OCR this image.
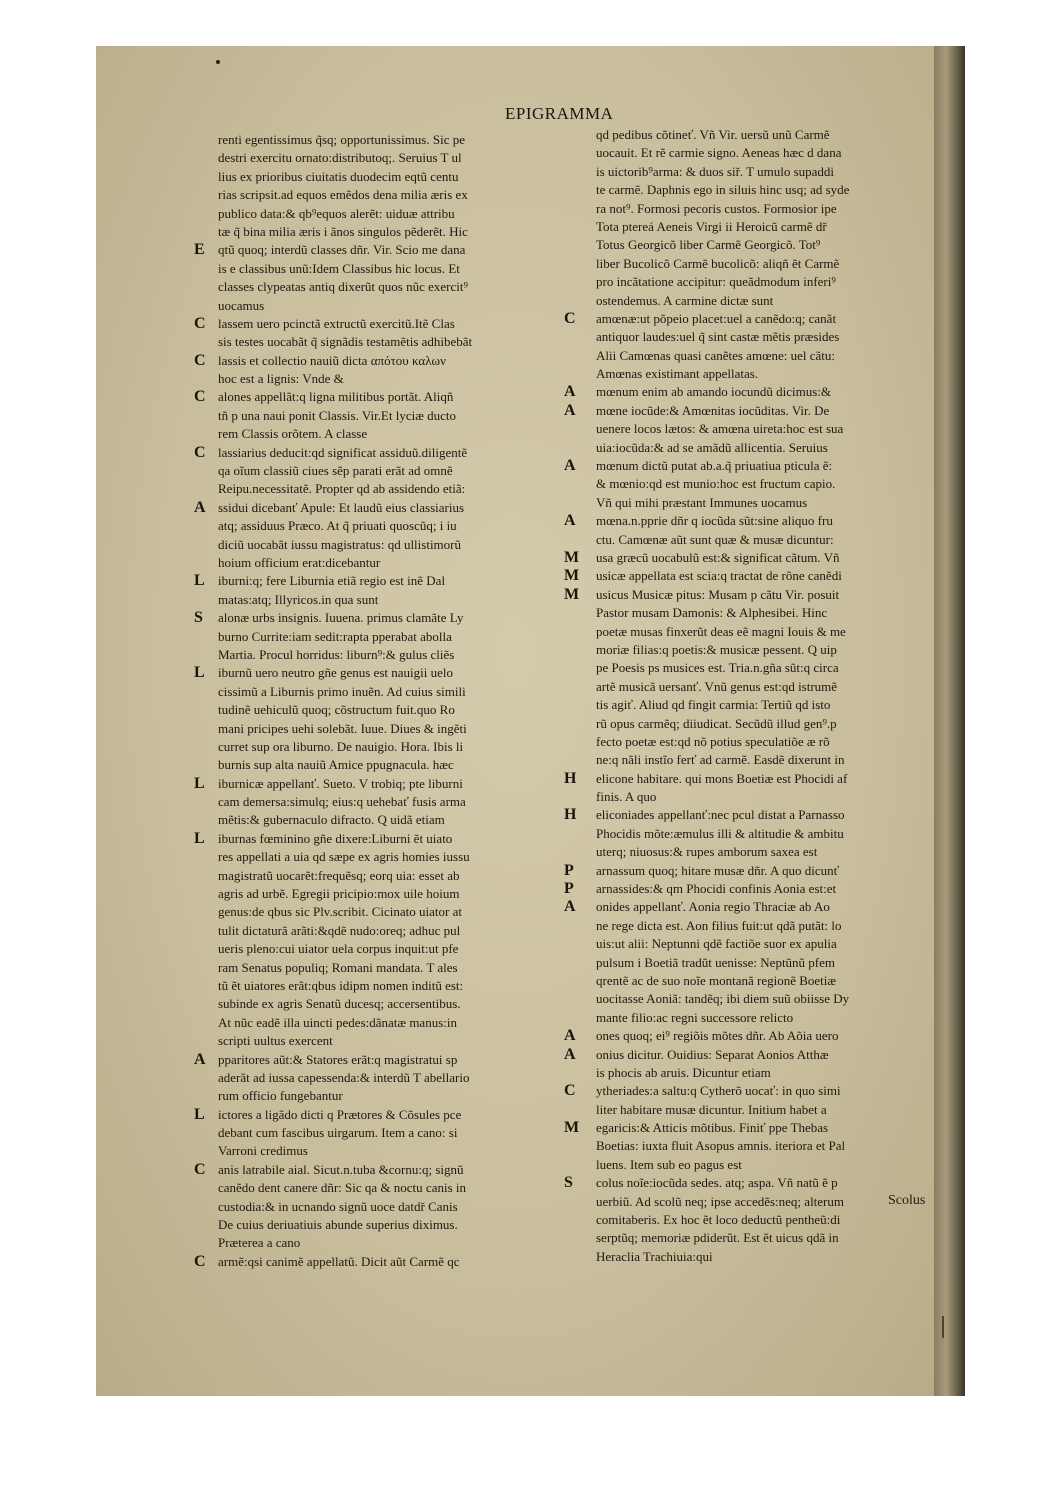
EPIGRAMMA
renti egentissimus q̃sq; opportunissimus. Sic pe
destri exercitu ornato:distributoq;. Seruius T ul
lius ex prioribus ciuitatis duodecim eqtũ centu
rias scripsit.ad equos emẽdos dena milia æris ex
publico data:& qb⁹equos alerẽt: uiduæ attribu
tæ q̃ bina milia æris i ãnos singulos pẽderẽt. Hic
E	qtũ quoq; interdũ classes dñr. Vir. Scio me dana
is e classibus unũ:Idem Classibus hic locus. Et
classes clypeatas antiq dixerũt quos nũc exercit⁹
uocamus
C lassem uero pcinctã extructũ exercitũ.Itẽ Clas
sis testes uocabãt q̃ signãdis testamẽtis adhibebãt
C lassis et collectio nauiũ dicta απότου καλων
hoc est a lignis: Vnde &
C alones appellãt:q ligna militibus portãt. Aliqñ
tñ p una naui ponit Classis. Vir.Et lyciæ ducto
rem Classis orõtem. A classe
C lassiarius deducit:qd significat assiduũ.diligentẽ
qa oĩum classiũ ciues sẽp parati erãt ad omnẽ
Reipu.necessitatẽ. Propter qd ab assidendo etiã:
A ssidui dicebanť Apule: Et laudũ eius classiarius
atq; assiduus Præco. At q̃ priuati quoscũq; i iu
diciũ uocabãt iussu magistratus: qd ullistimorũ
hoium officium erat:dicebantur
L	iburni:q; fere Liburnia etiã regio est inẽ Dal
matas:atq; Illyricos.in qua sunt
S	alonæ urbs insignis. Iuuena. primus clamãte Ly
burno Currite:iam sedit:rapta pperabat abolla
Martia. Procul horridus: liburn⁹:& gulus cliẽs
L	iburnũ uero neutro gñe genus est nauigii uelo
cissimũ a Liburnis primo inuẽn. Ad cuius simili
tudinẽ uehiculũ quoq; cõstructum fuit.quo Ro
mani pricipes uehi solebãt. Iuue. Diues & ingẽti
curret sup ora liburno. De nauigio. Hora. Ibis li
burnis sup alta nauiũ Amice ppugnacula. hæc
L	iburnicæ appellanť. Sueto. V trobiq; pte liburni
cam demersa:simulq; eius:q uehebať fusis arma
mẽtis:& gubernaculo difracto. Q uidã etiam
L	iburnas fœminino gñe dixere:Liburni ẽt uiato
res appellati a uia qd sæpe ex agris homies iussu
magistratũ uocarẽt:frequẽsq; eorq uia: esset ab
agris ad urbẽ. Egregii pricipio:mox uile hoium
genus:de qbus sic Plv.scribit. Cicinato uiator at
tulit dictaturã arãti:&qdẽ nudo:oreq; adhuc pul
ueris pleno:cui uiator uela corpus inquit:ut pfe
ram Senatus populiq; Romani mandata. T ales
tũ ẽt uiatores erãt:qbus idipm nomen inditũ est:
subinde ex agris Senatũ ducesq; accersentibus.
At nũc eadẽ illa uincti pedes:dãnatæ manus:in
scripti uultus exercent
A pparitores aũt:& Statores erãt:q magistratui sp
aderãt ad iussa capessenda:& interdũ T abellario
rum officio fungebantur
L	ictores a ligãdo dicti q Prætores & Cõsules pce
debant cum fascibus uirgarum. Item a cano: si
Varroni credimus
C anis latrabile aial. Sicut.n.tuba &cornu:q; signũ
canẽdo dent canere dñr: Sic qa & noctu canis in
custodia:& in ucnando signũ uoce datdř Canis
De cuius deriuatiuis abunde superius diximus.
Præterea a cano
C armẽ:qsi canimẽ appellatũ. Dicit aũt Carmẽ qc
qd pedibus cõtineť. Vñ Vir. uersũ unũ Carmẽ
uocauit. Et rẽ carmie signo. Aeneas hæc d dana
is uictorib⁹arma: & duos siř. T umulo supaddi
te carmẽ. Daphnis ego in siluis hinc usq; ad syde
ra not⁹. Formosi pecoris custos. Formosior ipe
Tota ptereá Aeneis Virgi ii Heroicũ carmẽ dř
Totus Georgicõ liber Carmẽ Georgicõ. Tot⁹
liber Bucolicõ Carmẽ bucolicõ: aliqñ ẽt Carmẽ
pro incãtatione accipitur: queãdmodum inferi⁹
ostendemus. A carmine dictæ sunt
C	amœnæ:ut põpeio placet:uel a canẽdo:q; canãt
antiquor laudes:uel q̃ sint castæ mẽtis præsides
Alii Camœnas quasi canẽtes amœne: uel cãtu:
Amœnas existimant appellatas.
A	mœnum enim ab amando iocundũ dicimus:&
A	mœne iocũde:& Amœnitas iocũditas. Vir. De
uenere locos lætos: & amœna uireta:hoc est sua
uia:iocũda:& ad se amãdũ allicentia. Seruius
A	mœnum dictũ putat ab.a.q̃ priuatiua pticula ẽ:
& mœnio:qd est munio:hoc est fructum capio.
Vñ qui mihi præstant Immunes uocamus
A	mœna.n.pprie dñr q iocũda sũt:sine aliquo fru
ctu. Camœnæ aũt sunt quæ & musæ dicuntur:
M	usa græcũ uocabulũ est:& significat cãtum. Vñ
M	usicæ appellata est scia:q tractat de rõne canẽdi
M	usicus Musicæ pitus: Musam p cãtu Vir. posuit
Pastor musam Damonis: & Alphesibei. Hinc
poetæ musas finxerũt deas eẽ magni Iouis & me
moriæ filias:q poetis:& musicæ pessent. Q uip
pe Poesis ps musices est. Tria.n.gña sũt:q circa
artẽ musicã uersanť. Vnũ genus est:qd istrumẽ
tis agiť. Aliud qd fingit carmia: Tertiũ qd isto
rũ opus carmẽq; diiudicat. Secũdũ illud gen⁹.p
fecto poetæ est:qd nõ potius speculatiõe æ rõ
ne:q nãli instĩo ferť ad carmẽ. Easdẽ dixerunt in
H	elicone habitare. qui mons Boetiæ est Phocidi af
finis. A quo
H	eliconiades appellanť:nec pcul distat a Parnasso
Phocidis mõte:æmulus illi & altitudie & ambitu
uterq; niuosus:& rupes amborum saxea est
P	arnassum quoq; hitare musæ dñr. A quo dicunť
P	arnassides:& qm Phocidi confinis Aonia est:et
A	onides appellanť. Aonia regio Thraciæ ab Ao
ne rege dicta est. Aon filius fuit:ut qdã putãt: lo
uis:ut alii: Neptunni qdẽ factiõe suor ex apulia
pulsum i Boetiã tradũt uenisse: Neptũnũ pfem
qrentẽ ac de suo noĩe montanã regionẽ Boetiæ
uocitasse Aoniã: tandẽq; ibi diem suũ obiisse Dy
mante filio:ac regni successore relicto
A	ones quoq; ei⁹ regiõis mõtes dñr. Ab Aõia uero
A	onius dicitur. Ouidius: Separat Aonios Atthæ
is phocis ab aruis. Dicuntur etiam
C	ytheriades:a saltu:q Cytherõ uocať: in quo simi
liter habitare musæ dicuntur. Initium habet a
M	egaricis:& Atticis mõtibus. Finiť ppe Thebas
Boetias: iuxta fluit Asopus amnis. iteriora et Pal
luens. Item sub eo pagus est
S	colus noĩe:iocũda sedes. atq; aspa. Vñ natũ ẽ p
uerbiũ. Ad scolũ neq; ipse accedẽs:neq; alterum
comitaberis. Ex hoc ẽt loco deductũ pentheũ:di
serptũq; memoriæ pdiderũt. Est ẽt uicus qdã in
Heraclia Trachiuia:qui
Scolus
